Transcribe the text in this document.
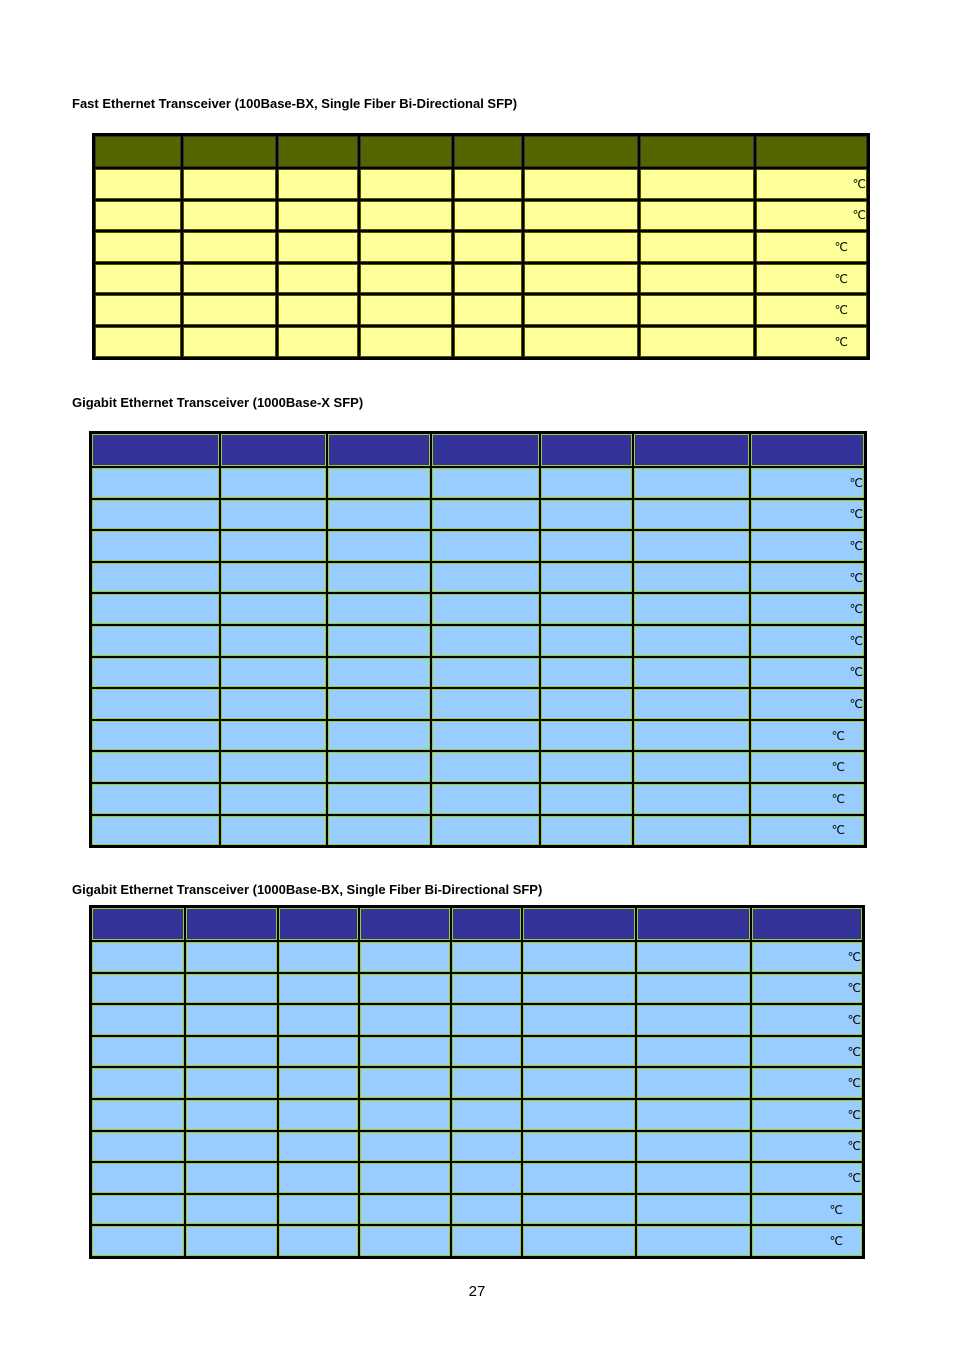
Fast Ethernet Transceiver (100Base-BX, Single Fiber Bi-Directional SFP)

							℃
							℃
							℃
							℃
							℃
							℃
Gigabit Ethernet Transceiver (1000Base-X SFP)

						℃
						℃
						℃
						℃
						℃
						℃
						℃
						℃
						℃
						℃
						℃
						℃
Gigabit Ethernet Transceiver (1000Base-BX, Single Fiber Bi-Directional SFP)

							℃
							℃
							℃
							℃
							℃
							℃
							℃
							℃
							℃
							℃
27
